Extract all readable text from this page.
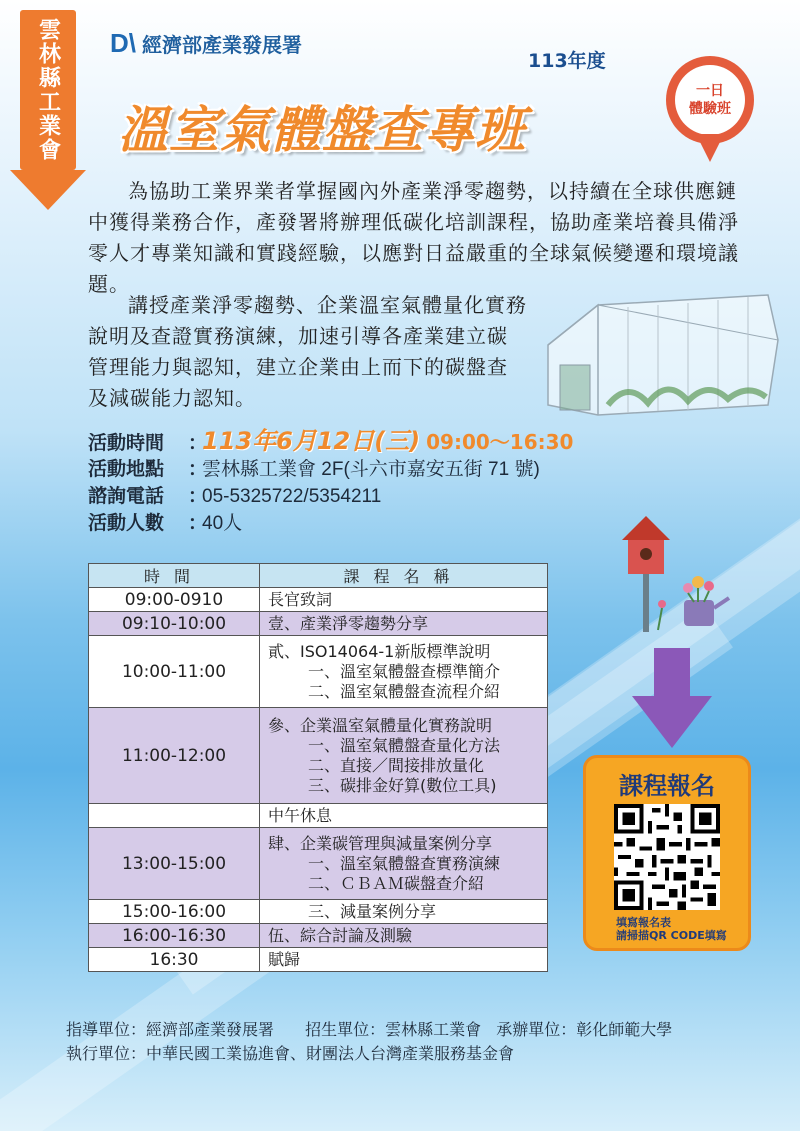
雲林縣工業會 D\ 經濟部產業發展署
113年度
溫室氣體盤查專班
一日
體驗班
為協助工業界業者掌握國內外產業淨零趨勢，以持續在全球供應鏈中獲得業務合作，產發署將辦理低碳化培訓課程，協助產業培養具備淨零人才專業知識和實踐經驗，以應對日益嚴重的全球氣候變遷和環境議題。
講授產業淨零趨勢、企業溫室氣體量化實務說明及查證實務演練，加速引導各產業建立碳管理能力與認知，建立企業由上而下的碳盤查及減碳能力認知。
活動時間	：
113年6月12日(三) 09:00～16:30
活動地點	：
雲林縣工業會 2F(斗六市嘉安五街 71 號)
諮詢電話	：
05-5325722/5354211
活動人數	：
40人
時間	課程名稱
09:00-0910	長官致詞

09:10-10:00	壹、產業淨零趨勢分享

10:00-11:00	貳、ISO14064-1新版標準說明
一、溫室氣體盤查標準簡介
二、溫室氣體盤查流程介紹

11:00-12:00	參、企業溫室氣體量化實務說明
一、溫室氣體盤查量化方法
二、直接／間接排放量化
三、碳排金好算(數位工具)

	中午休息

13:00-15:00	肆、企業碳管理與減量案例分享
一、溫室氣體盤查實務演練
二、ＣＢＡＭ碳盤查介紹

15:00-16:00	三、減量案例分享

16:00-16:30	伍、綜合討論及測驗

16:30	賦歸
課程報名
填寫報名表
請掃描QR CODE填寫
指導單位：經濟部產業發展署 招生單位：雲林縣工業會 承辦單位：彰化師範大學
執行單位：中華民國工業協進會、財團法人台灣產業服務基金會
